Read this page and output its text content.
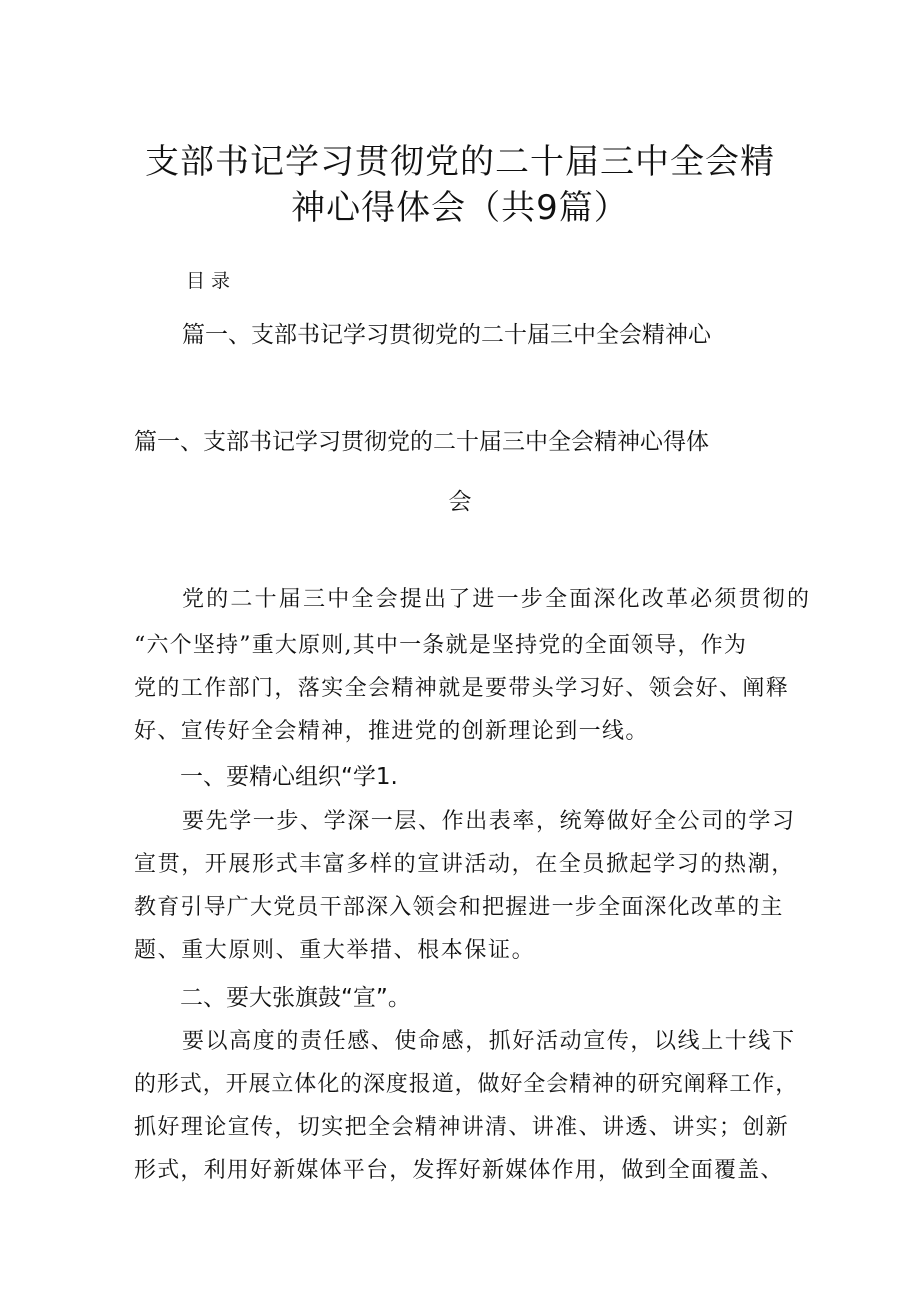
支部书记学习贯彻党的二十届三中全会精
神心得体会（共9篇）
目录
篇一、支部书记学习贯彻党的二十届三中全会精神心
篇一、支部书记学习贯彻党的二十届三中全会精神心得体
会
党的二十届三中全会提出了进一步全面深化改革必须贯彻的
“六个坚持”重大原则,其中一条就是坚持党的全面领导，作为
党的工作部门，落实全会精神就是要带头学习好、领会好、阐释
好、宣传好全会精神，推进党的创新理论到一线。
一、要精心组织“学1.
要先学一步、学深一层、作出表率，统筹做好全公司的学习
宣贯，开展形式丰富多样的宣讲活动，在全员掀起学习的热潮，
教育引导广大党员干部深入领会和把握进一步全面深化改革的主
题、重大原则、重大举措、根本保证。
二、要大张旗鼓“宣”。
要以高度的责任感、使命感，抓好活动宣传，以线上十线下
的形式，开展立体化的深度报道，做好全会精神的研究阐释工作，
抓好理论宣传，切实把全会精神讲清、讲准、讲透、讲实；创新
形式，利用好新媒体平台，发挥好新媒体作用，做到全面覆盖、
